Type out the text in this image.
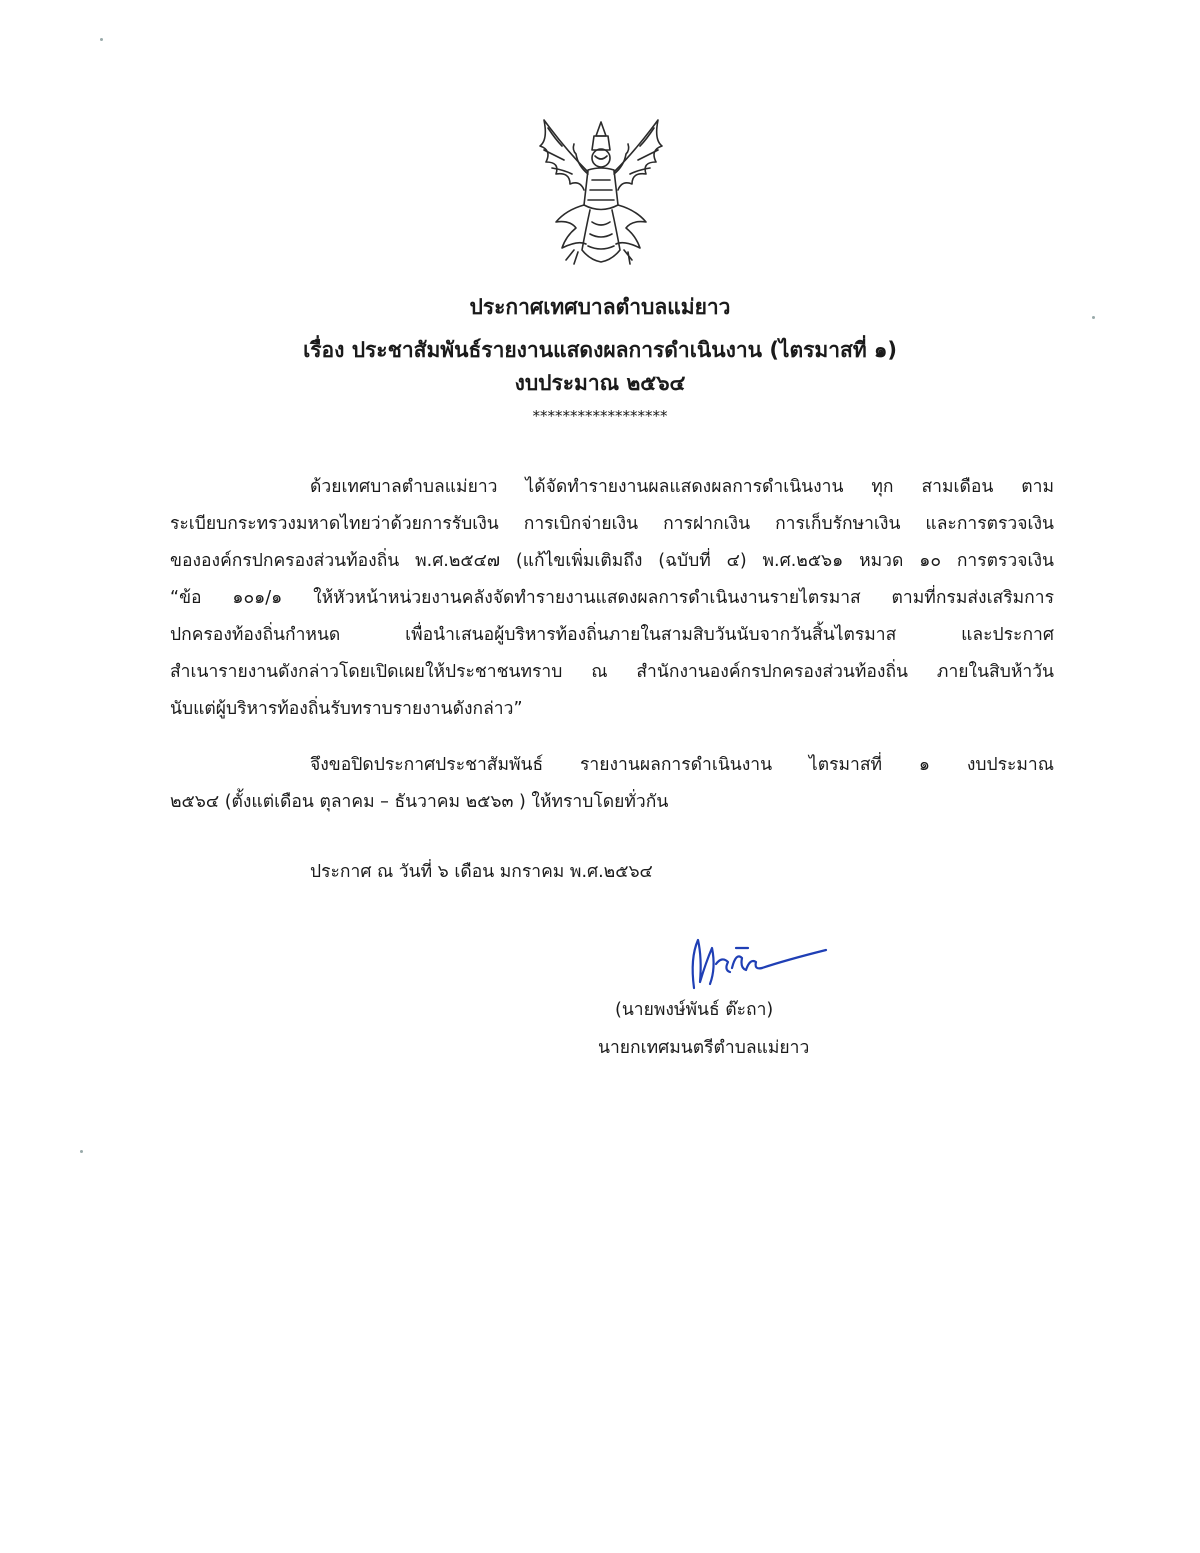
ประกาศเทศบาลตำบลแม่ยาว
เรื่อง ประชาสัมพันธ์รายงานแสดงผลการดำเนินงาน (ไตรมาสที่ ๑)
งบประมาณ ๒๕๖๔
******************
ด้วยเทศบาลตำบลแม่ยาว ได้จัดทำรายงานผลแสดงผลการดำเนินงาน ทุก สามเดือน ตาม
ระเบียบกระทรวงมหาดไทยว่าด้วยการรับเงิน การเบิกจ่ายเงิน การฝากเงิน การเก็บรักษาเงิน และการตรวจเงิน
ขององค์กรปกครองส่วนท้องถิ่น พ.ศ.๒๕๔๗ (แก้ไขเพิ่มเติมถึง (ฉบับที่ ๔) พ.ศ.๒๕๖๑ หมวด ๑๐ การตรวจเงิน
“ข้อ ๑๐๑/๑ ให้หัวหน้าหน่วยงานคลังจัดทำรายงานแสดงผลการดำเนินงานรายไตรมาส ตามที่กรมส่งเสริมการ
ปกครองท้องถิ่นกำหนด เพื่อนำเสนอผู้บริหารท้องถิ่นภายในสามสิบวันนับจากวันสิ้นไตรมาส และประกาศ
สำเนารายงานดังกล่าวโดยเปิดเผยให้ประชาชนทราบ ณ สำนักงานองค์กรปกครองส่วนท้องถิ่น ภายในสิบห้าวัน
นับแต่ผู้บริหารท้องถิ่นรับทราบรายงานดังกล่าว”
จึงขอปิดประกาศประชาสัมพันธ์ รายงานผลการดำเนินงาน ไตรมาสที่ ๑ งบประมาณ
๒๕๖๔ (ตั้งแต่เดือน ตุลาคม – ธันวาคม ๒๕๖๓ ) ให้ทราบโดยทั่วกัน
ประกาศ ณ วันที่ ๖ เดือน มกราคม พ.ศ.๒๕๖๔
(นายพงษ์พันธ์ ต๊ะถา)
นายกเทศมนตรีตำบลแม่ยาว
